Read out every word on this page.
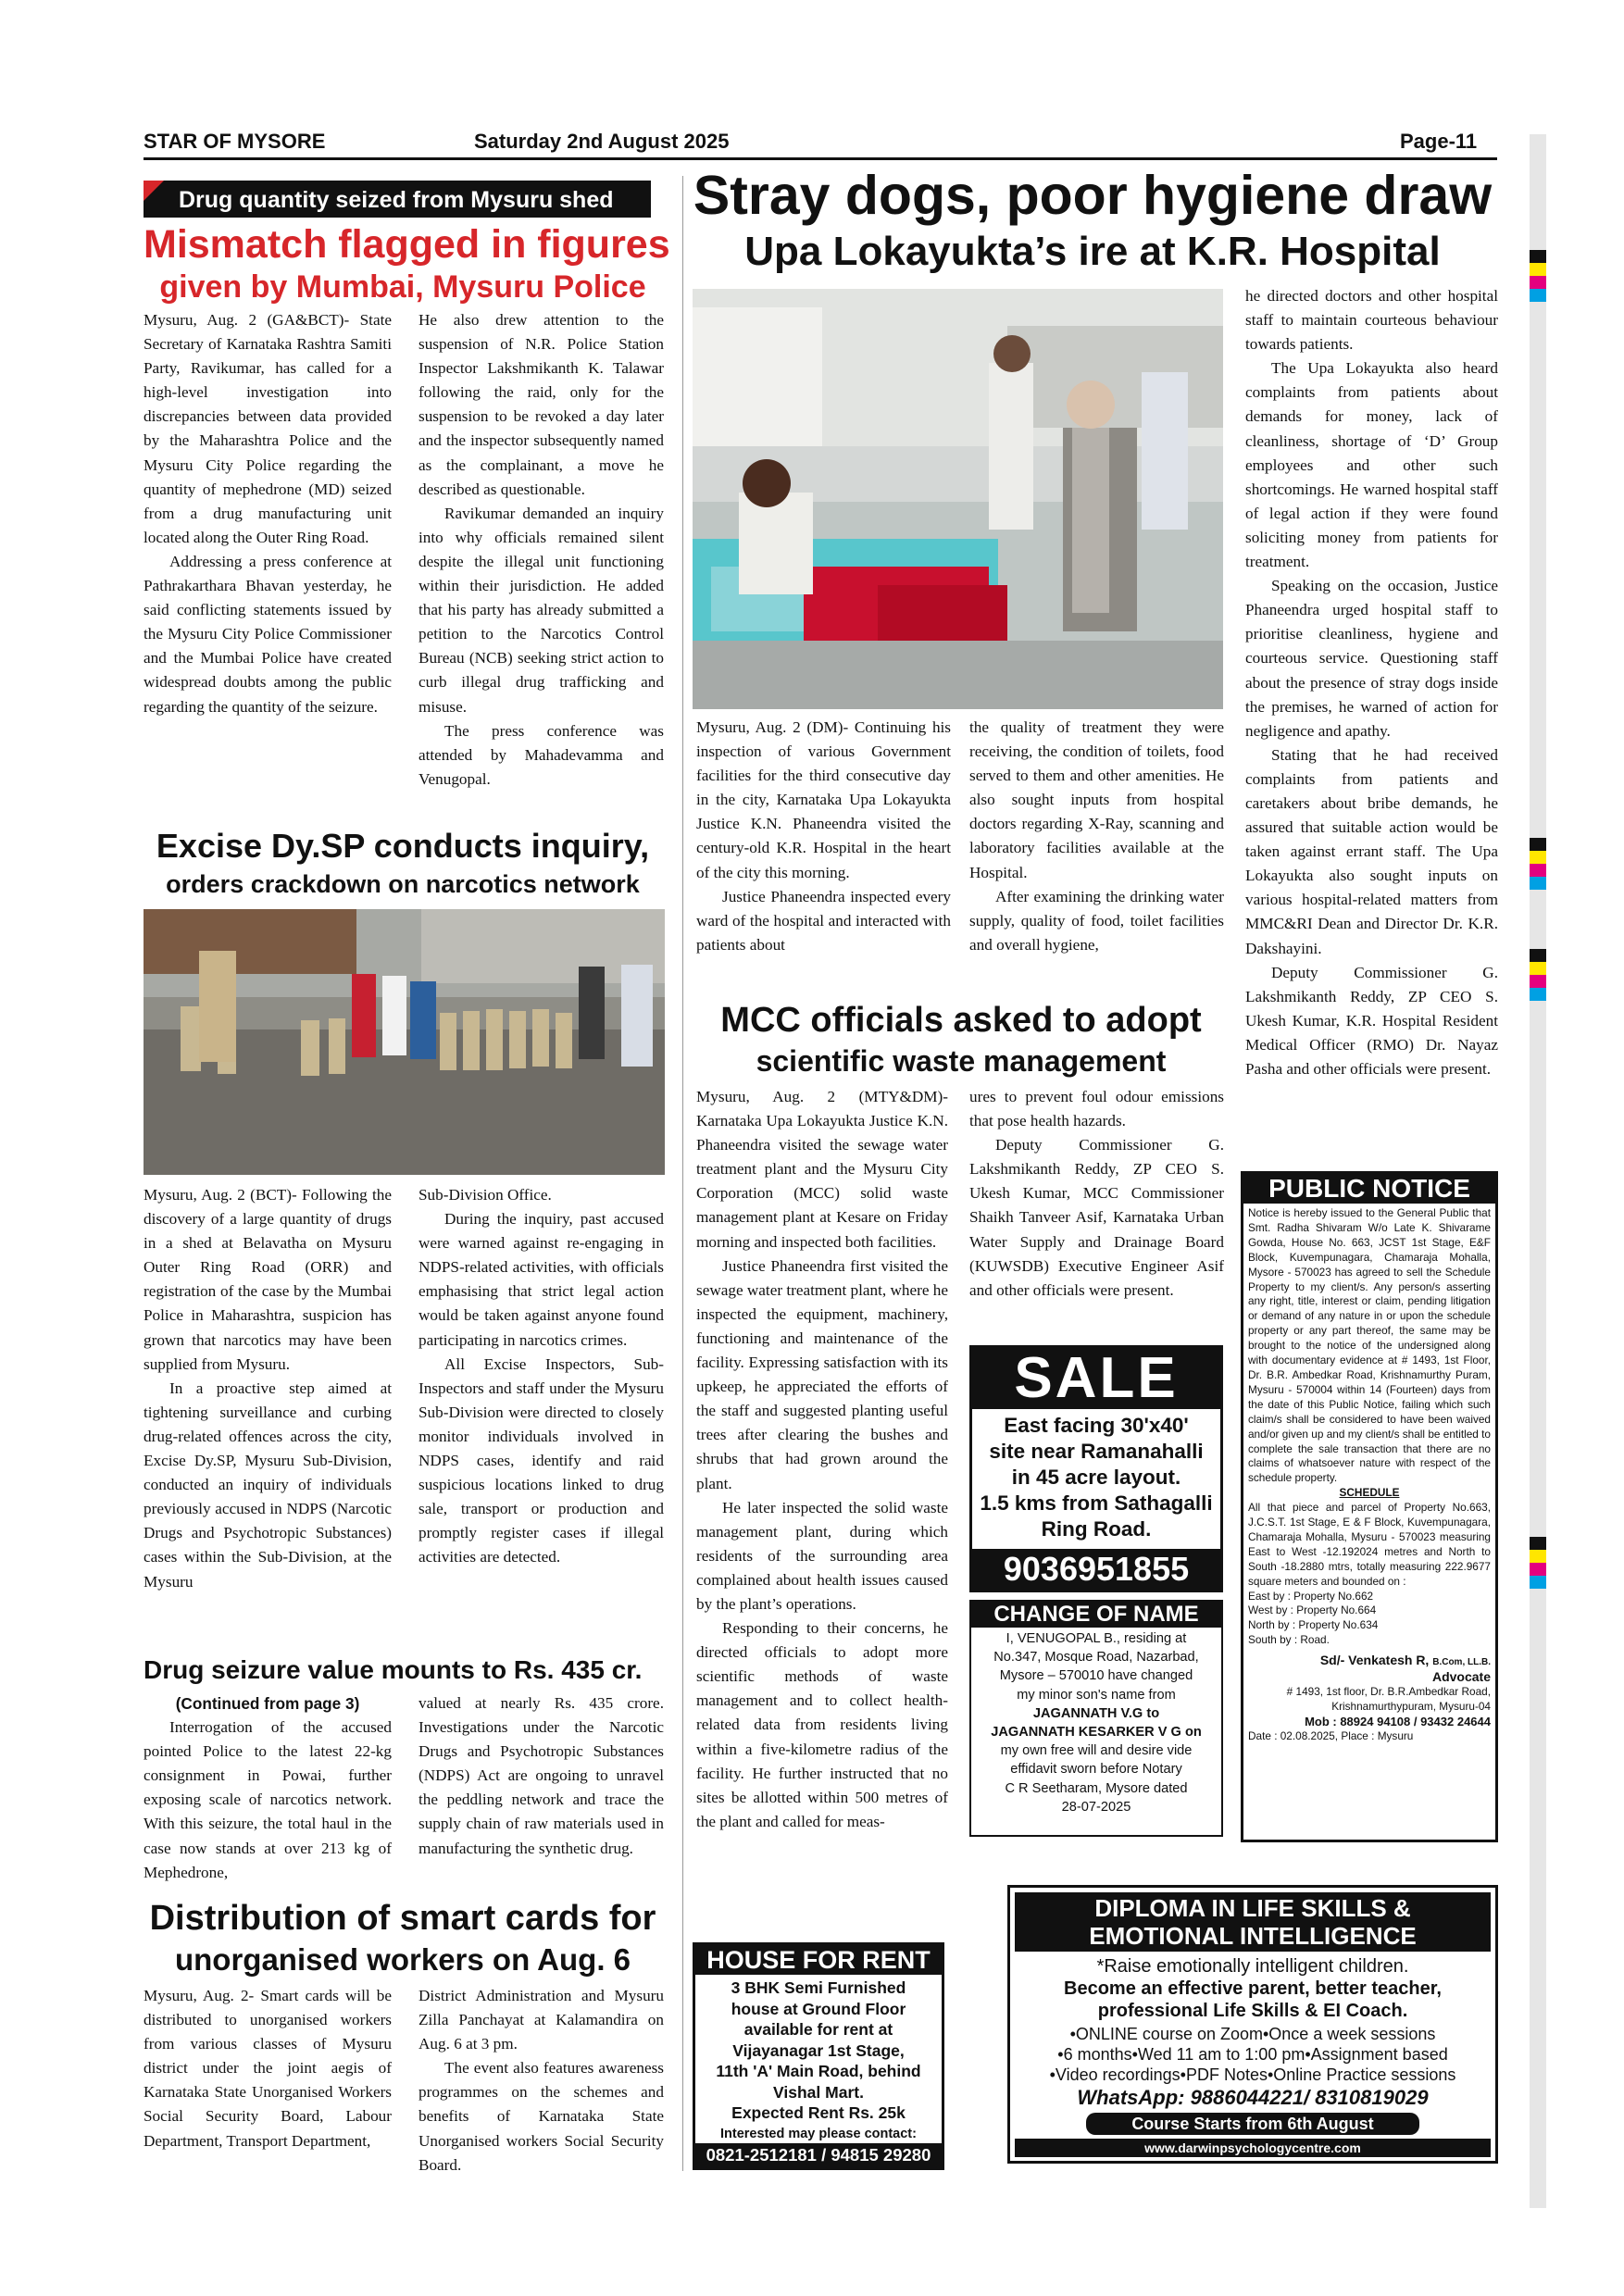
STAR OF MYSORE	Saturday 2nd August 2025	Page-11
Drug quantity seized from Mysuru shed
Mismatch flagged in figures
given by Mumbai, Mysuru Police

Mysuru, Aug. 2 (GA&BCT)- State Secretary of Karnataka Rashtra Samiti Party, Ravikumar, has called for a high-level investigation into discrepancies between data provided by the Maharashtra Police and the Mysuru City Police regarding the quantity of mephedrone (MD) seized from a drug manufacturing unit located along the Outer Ring Road.

Addressing a press conference at Pathrakarthara Bhavan yesterday, he said conflicting statements issued by the Mysuru City Police Commissioner and the Mumbai Police have created widespread doubts among the public regarding the quantity of the seizure.

He also drew attention to the suspension of N.R. Police Station Inspector Lakshmikanth K. Talawar following the raid, only for the suspension to be revoked a day later and the inspector subsequently named as the complainant, a move he described as questionable.

Ravikumar demanded an inquiry into why officials remained silent despite the illegal unit functioning within their jurisdiction. He added that his party has already submitted a petition to the Narcotics Control Bureau (NCB) seeking strict action to curb illegal drug trafficking and misuse.

The press conference was attended by Mahadevamma and Venugopal.

Excise Dy.SP conducts inquiry,
orders crackdown on narcotics network

Mysuru, Aug. 2 (BCT)- Following the discovery of a large quantity of drugs in a shed at Belavatha on Mysuru Outer Ring Road (ORR) and registration of the case by the Mumbai Police in Maharashtra, suspicion has grown that narcotics may have been supplied from Mysuru.

In a proactive step aimed at tightening surveillance and curbing drug-related offences across the city, Excise Dy.SP, Mysuru Sub-Division, conducted an inquiry of individuals previously accused in NDPS (Narcotic Drugs and Psychotropic Substances) cases within the Sub-Division, at the Mysuru

Sub-Division Office.

During the inquiry, past accused were warned against re-engaging in NDPS-related activities, with officials emphasising that strict legal action would be taken against anyone found participating in narcotics crimes.

All Excise Inspectors, Sub-Inspectors and staff under the Mysuru Sub-Division were directed to closely monitor individuals involved in NDPS cases, identify and raid suspicious locations linked to drug sale, transport or production and promptly register cases if illegal activities are detected.

Drug seizure value mounts to Rs. 435 cr.

(Continued from page 3)

Interrogation of the accused pointed Police to the latest 22-kg consignment in Powai, further exposing scale of narcotics network. With this seizure, the total haul in the case now stands at over 213 kg of Mephedrone,

valued at nearly Rs. 435 crore. Investigations under the Narcotic Drugs and Psychotropic Substances (NDPS) Act are ongoing to unravel the peddling network and trace the supply chain of raw materials used in manufacturing the synthetic drug.

Distribution of smart cards for
unorganised workers on Aug. 6

Mysuru, Aug. 2- Smart cards will be distributed to unorganised workers from various classes of Mysuru district under the joint aegis of Karnataka State Unorganised Workers Social Security Board, Labour Department, Transport Department,

District Administration and Mysuru Zilla Panchayat at Kalamandira on Aug. 6 at 3 pm.

The event also features awareness programmes on the schemes and benefits of Karnataka State Unorganised workers Social Security Board.

Stray dogs, poor hygiene draw
Upa Lokayukta’s ire at K.R. Hospital

Mysuru, Aug. 2 (DM)- Continuing his inspection of various Government facilities for the third consecutive day in the city, Karnataka Upa Lokayukta Justice K.N. Phaneendra visited the century-old K.R. Hospital in the heart of the city this morning.

Justice Phaneendra inspected every ward of the hospital and interacted with patients about

the quality of treatment they were receiving, the condition of toilets, food served to them and other amenities. He also sought inputs from hospital doctors regarding X-Ray, scanning and laboratory facilities available at the Hospital.

After examining the drinking water supply, quality of food, toilet facilities and overall hygiene,

he directed doctors and other hospital staff to maintain courteous behaviour towards patients.

The Upa Lokayukta also heard complaints from patients about demands for money, lack of cleanliness, shortage of ‘D’ Group employees and other such shortcomings. He warned hospital staff of legal action if they were found soliciting money from patients for treatment.

Speaking on the occasion, Justice Phaneendra urged hospital staff to prioritise cleanliness, hygiene and courteous service. Questioning staff about the presence of stray dogs inside the premises, he warned of action for negligence and apathy.

Stating that he had received complaints from patients and caretakers about bribe demands, he assured that suitable action would be taken against errant staff. The Upa Lokayukta also sought inputs on various hospital-related matters from MMC&RI Dean and Director Dr. K.R. Dakshayini.

Deputy Commissioner G. Lakshmikanth Reddy, ZP CEO S. Ukesh Kumar, K.R. Hospital Resident Medical Officer (RMO) Dr. Nayaz Pasha and other officials were present.

MCC officials asked to adopt
scientific waste management

Mysuru, Aug. 2 (MTY&DM)- Karnataka Upa Lokayukta Justice K.N. Phaneendra visited the sewage water treatment plant and the Mysuru City Corporation (MCC) solid waste management plant at Kesare on Friday morning and inspected both facilities.

Justice Phaneendra first visited the sewage water treatment plant, where he inspected the equipment, machinery, functioning and maintenance of the facility. Expressing satisfaction with its upkeep, he appreciated the efforts of the staff and suggested planting useful trees after clearing the bushes and shrubs that had grown around the plant.

He later inspected the solid waste management plant, during which residents of the surrounding area complained about health issues caused by the plant’s operations.

Responding to their concerns, he directed officials to adopt more scientific methods of waste management and to collect health-related data from residents living within a five-kilometre radius of the facility. He further instructed that no sites be allotted within 500 metres of the plant and called for meas-

ures to prevent foul odour emissions that pose health hazards.

Deputy Commissioner G. Lakshmikanth Reddy, ZP CEO S. Ukesh Kumar, MCC Commissioner Shaikh Tanveer Asif, Karnataka Urban Water Supply and Drainage Board (KUWSDB) Executive Engineer Asif and other officials were present.

SALE
East facing 30'x40'
site near Ramanahalli
in 45 acre layout.
1.5 kms from Sathagalli
Ring Road.
9036951855
CHANGE OF NAME
I, VENUGOPAL B., residing at
No.347, Mosque Road, Nazarbad,
Mysore – 570010 have changed
my minor son's name from
JAGANNATH V.G to
JAGANNATH KESARKER V G on
my own free will and desire vide
effidavit sworn before Notary
C R Seetharam, Mysore dated
28-07-2025
PUBLIC NOTICE
Notice is hereby issued to the General Public that Smt. Radha Shivaram W/o Late K. Shivarame Gowda, House No. 663, JCST 1st Stage, E&F Block, Kuvempunagara, Chamaraja Mohalla, Mysore - 570023 has agreed to sell the Schedule Property to my client/s. Any person/s asserting any right, title, interest or claim, pending litigation or demand of any nature in or upon the schedule property or any part thereof, the same may be brought to the notice of the undersigned along with documentary evidence at # 1493, 1st Floor, Dr. B.R. Ambedkar Road, Krishnamurthy Puram, Mysuru - 570004 within 14 (Fourteen) days from the date of this Public Notice, failing which such claim/s shall be considered to have been waived and/or given up and my client/s shall be entitled to complete the sale transaction that there are no claims of whatsoever nature with respect of the schedule property.
SCHEDULE
All that piece and parcel of Property No.663, J.C.S.T. 1st Stage, E & F Block, Kuvempunagara, Chamaraja Mohalla, Mysuru - 570023 measuring East to West -12.192024 metres and North to South -18.2880 mtrs, totally measuring 222.9677 square meters and bounded on :
East by : Property No.662
West by : Property No.664
North by : Property No.634
South by : Road.
Sd/- Venkatesh R, B.Com, LL.B.
Advocate
# 1493, 1st floor, Dr. B.R.Ambedkar Road,
Krishnamurthypuram, Mysuru-04
Mob : 88924 94108 / 93432 24644
Date : 02.08.2025, Place : Mysuru
HOUSE FOR RENT
3 BHK Semi Furnished
house at Ground Floor
available for rent at
Vijayanagar 1st Stage,
11th 'A' Main Road, behind
Vishal Mart.
Expected Rent Rs. 25k
Interested may please contact:
0821-2512181 / 94815 29280
DIPLOMA IN LIFE SKILLS &
EMOTIONAL INTELLIGENCE
*Raise emotionally intelligent children.
Become an effective parent, better teacher,
professional Life Skills & EI Coach.
•ONLINE course on Zoom•Once a week sessions
•6 months•Wed 11 am to 1:00 pm•Assignment based
•Video recordings•PDF Notes•Online Practice sessions
WhatsApp: 9886044221/ 8310819029
Course Starts from 6th August
www.darwinpsychologycentre.com
